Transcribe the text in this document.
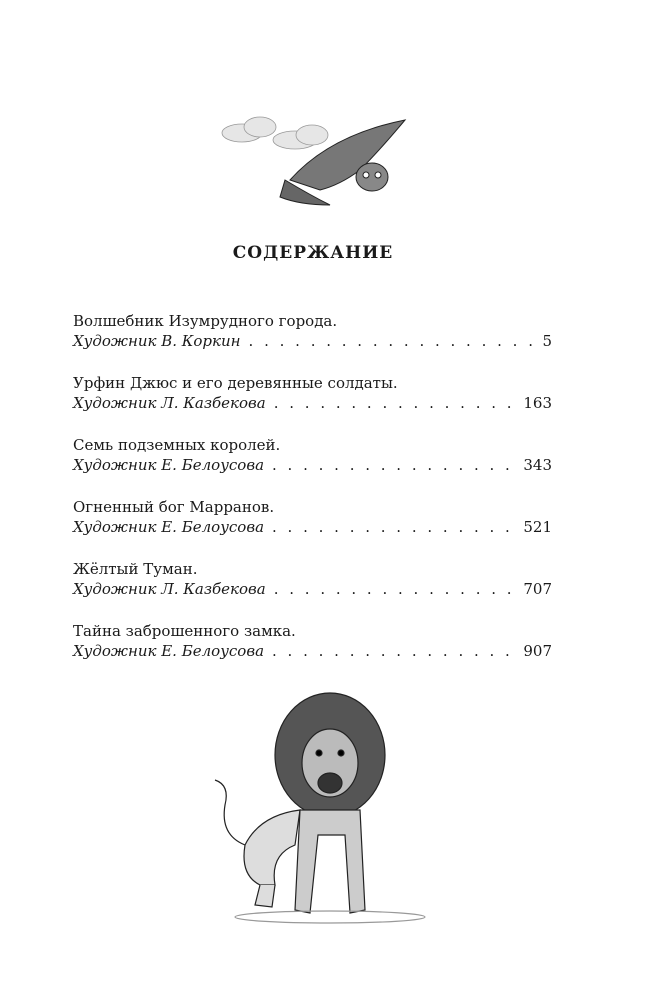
СОДЕРЖАНИЕ
Волшебник Изумрудного города.
Художник В. Коркин . . .	5
Урфин Джюс и его деревянные солдаты.
Художник Л. Казбекова . . .	163
Семь подземных королей.
Художник Е. Белоусова . . .	343
Огненный бог Марранов.
Художник Е. Белоусова . . .	521
Жёлтый Туман.
Художник Л. Казбекова . . .	707
Тайна заброшенного замка.
Художник Е. Белоусова . . .	907
